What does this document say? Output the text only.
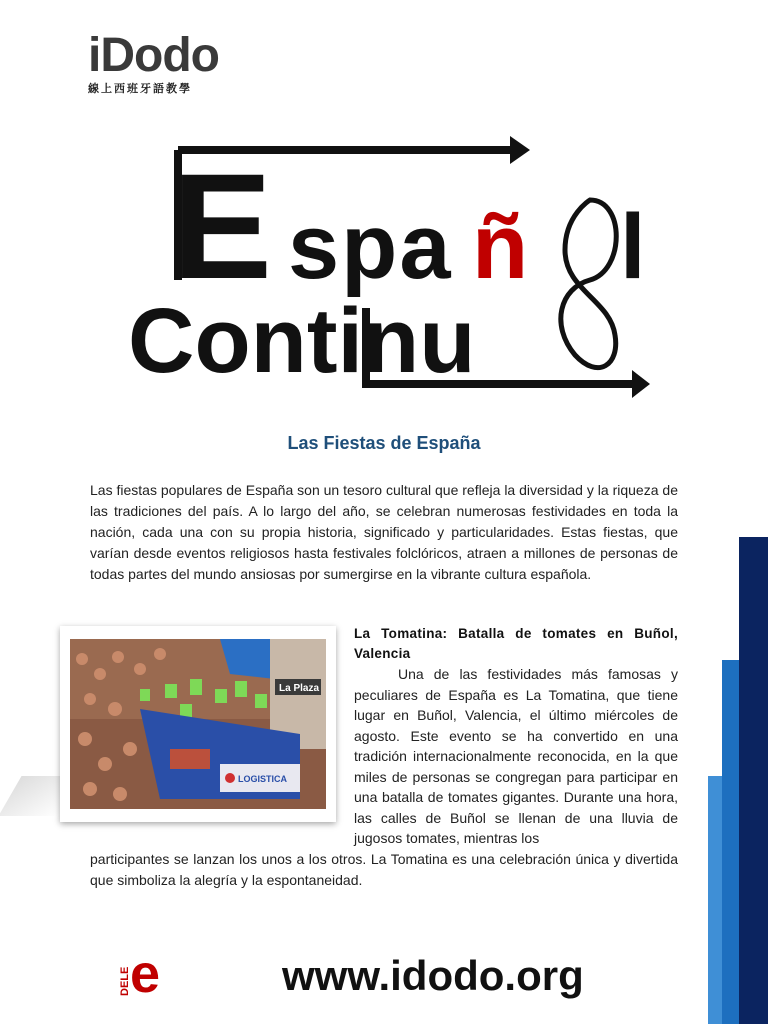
iDodo
線上西班牙語教學
E spa ñ l
Continu
Las Fiestas de España
Las fiestas populares de España son un tesoro cultural que refleja la diversidad y la riqueza de las tradiciones del país. A lo largo del año, se celebran numerosas festividades en toda la nación, cada una con su propia historia, significado y particularidades. Estas fiestas, que varían desde eventos religiosos hasta festivales folclóricos, atraen a millones de personas de todas partes del mundo ansiosas por sumergirse en la vibrante cultura española.
La Plaza
LOGISTICA
La Tomatina: Batalla de tomates en Buñol, Valencia
Una de las festividades más famosas y peculiares de España es La Tomatina, que tiene lugar en Buñol, Valencia, el último miércoles de agosto. Este evento se ha convertido en una tradición internacionalmente reconocida, en la que miles de personas se congregan para participar en una batalla de tomates gigantes. Durante una hora, las calles de Buñol se llenan de una lluvia de jugosos tomates, mientras los
participantes se lanzan los unos a los otros. La Tomatina es una celebración única y divertida que simboliza la alegría y la espontaneidad.
DELE e	www.idodo.org
